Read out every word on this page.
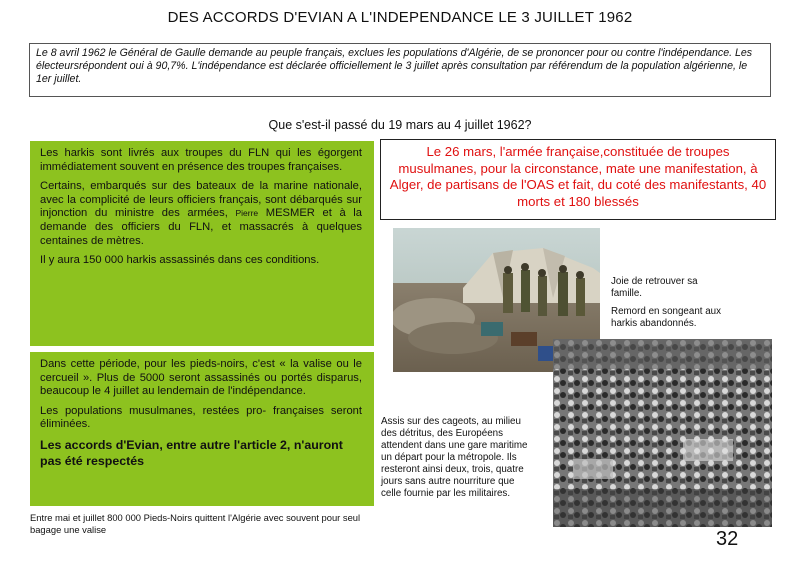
DES ACCORDS D'EVIAN A L'INDEPENDANCE LE 3 JUILLET 1962
Le 8 avril 1962 le Général de Gaulle demande au peuple français, exclues les populations d'Algérie, de se prononcer pour ou contre l'indépendance. Les électeursrépondent oui à 90,7%. L'indépendance est déclarée officiellement le 3 juillet après consultation par référendum de la population algérienne, le 1er juillet.
Que s'est-il passé du 19 mars au 4 juillet 1962?

Les harkis sont livrés aux troupes du FLN qui les égorgent immédiatement souvent en présence des troupes françaises.

Certains, embarqués sur des bateaux de la marine nationale, avec la complicité de leurs officiers français, sont débarqués sur injonction du ministre des armées, Pierre MESMER et à la demande des officiers du FLN, et massacrés à quelques centaines de mètres.

Il y aura 150 000 harkis assassinés dans ces conditions.

Dans cette période, pour les pieds-noirs, c'est « la valise ou le cercueil ». Plus de 5000 seront assassinés ou portés disparus, beaucoup le 4 juillet au lendemain de l'indépendance.

Les populations musulmanes, restées pro- françaises seront éliminées.

Les accords d'Evian, entre autre l'article 2, n'auront pas été respectés

Entre mai et juillet 800 000 Pieds-Noirs quittent l'Algérie avec souvent pour seul bagage une valise
Le 26 mars, l'armée française,constituée de troupes musulmanes, pour la circonstance, mate une manifestation, à Alger, de partisans de l'OAS et fait, du coté des manifestants, 40 morts et 180 blessés

Joie de retrouver sa famille.

Remord en songeant aux harkis abandonnés.

Assis sur des cageots, au milieu des détritus, des Européens attendent dans une gare maritime un départ pour la métropole. Ils resteront ainsi deux, trois, quatre jours sans autre nourriture que celle fournie par les militaires.
32
